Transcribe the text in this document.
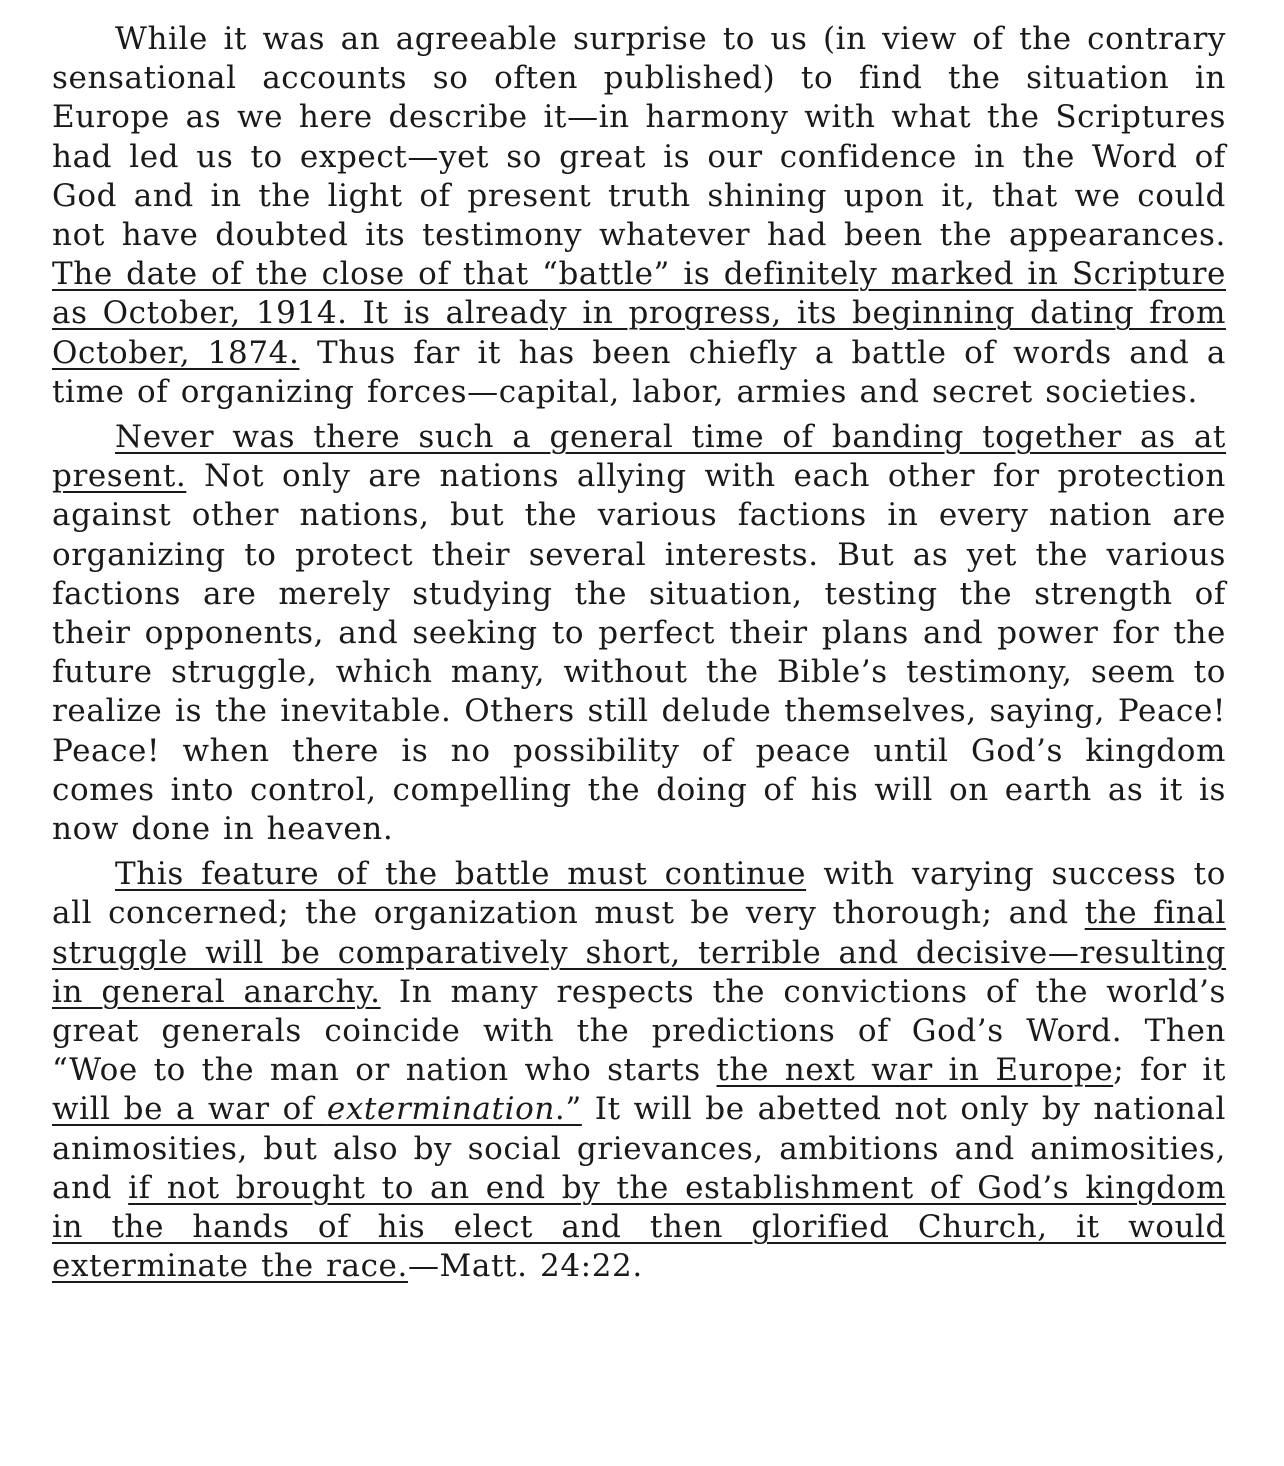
While it was an agreeable surprise to us (in view of the contrary sensational accounts so often published) to find the situation in Europe as we here describe it—in harmony with what the Scriptures had led us to expect—yet so great is our confidence in the Word of God and in the light of present truth shining upon it, that we could not have doubted its testimony whatever had been the appearances. The date of the close of that “battle” is definitely marked in Scripture as October, 1914. It is already in progress, its beginning dating from October, 1874. Thus far it has been chiefly a battle of words and a time of organizing forces—capital, labor, armies and secret societies.

Never was there such a general time of banding together as at present. Not only are nations allying with each other for protection against other nations, but the various factions in every nation are organizing to protect their several interests. But as yet the various factions are merely studying the situation, testing the strength of their opponents, and seeking to perfect their plans and power for the future struggle, which many, without the Bible’s testimony, seem to realize is the inevitable. Others still delude themselves, saying, Peace! Peace! when there is no possibility of peace until God’s kingdom comes into control, compelling the doing of his will on earth as it is now done in heaven.

This feature of the battle must continue with varying success to all concerned; the organization must be very thorough; and the final struggle will be comparatively short, terrible and decisive—resulting in general anarchy. In many respects the convictions of the world’s great generals coincide with the predictions of God’s Word. Then “Woe to the man or nation who starts the next war in Europe; for it will be a war of extermination.” It will be abetted not only by national animosities, but also by social grievances, ambitions and animosities, and if not brought to an end by the establishment of God’s kingdom in the hands of his elect and then glorified Church, it would exterminate the race.—Matt. 24:22.
